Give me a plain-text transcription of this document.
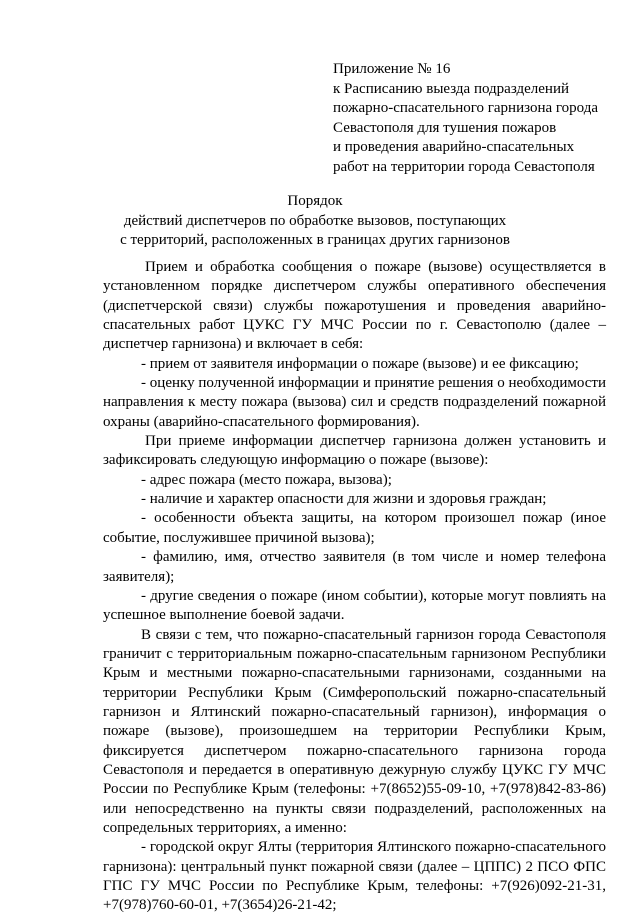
Приложение № 16
к Расписанию выезда подразделений
пожарно-спасательного гарнизона города
Севастополя для тушения пожаров
и проведения аварийно-спасательных
работ на территории города Севастополя
Порядок
действий диспетчеров по обработке вызовов, поступающих
с территорий, расположенных в границах других гарнизонов

Прием и обработка сообщения о пожаре (вызове) осуществляется в установленном порядке диспетчером службы оперативного обеспечения (диспетчерской связи) службы пожаротушения и проведения аварийно-спасательных работ ЦУКС ГУ МЧС России по г. Севастополю (далее – диспетчер гарнизона) и включает в себя:

- прием от заявителя информации о пожаре (вызове) и ее фиксацию;

- оценку полученной информации и принятие решения о необходимости направления к месту пожара (вызова) сил и средств подразделений пожарной охраны (аварийно-спасательного формирования).

При приеме информации диспетчер гарнизона должен установить и зафиксировать следующую информацию о пожаре (вызове):

- адрес пожара (место пожара, вызова);

- наличие и характер опасности для жизни и здоровья граждан;

- особенности объекта защиты, на котором произошел пожар (иное событие, послужившее причиной вызова);

- фамилию, имя, отчество заявителя (в том числе и номер телефона заявителя);

- другие сведения о пожаре (ином событии), которые могут повлиять на успешное выполнение боевой задачи.

В связи с тем, что пожарно-спасательный гарнизон города Севастополя граничит с территориальным пожарно-спасательным гарнизоном Республики Крым и местными пожарно-спасательными гарнизонами, созданными на территории Республики Крым (Симферопольский пожарно-спасательный гарнизон и Ялтинский пожарно-спасательный гарнизон), информация о пожаре (вызове), произошедшем на территории Республики Крым, фиксируется диспетчером пожарно-спасательного гарнизона города Севастополя и передается в оперативную дежурную службу ЦУКС ГУ МЧС России по Республике Крым (телефоны: +7(8652)55-09-10, +7(978)842-83-86) или непосредственно на пункты связи подразделений, расположенных на сопредельных территориях, а именно:

- городской округ Ялты (территория Ялтинского пожарно-спасательного гарнизона): центральный пункт пожарной связи (далее – ЦППС) 2 ПСО ФПС ГПС ГУ МЧС России по Республике Крым, телефоны: +7(926)092-21-31, +7(978)760-60-01, +7(3654)26-21-42;
